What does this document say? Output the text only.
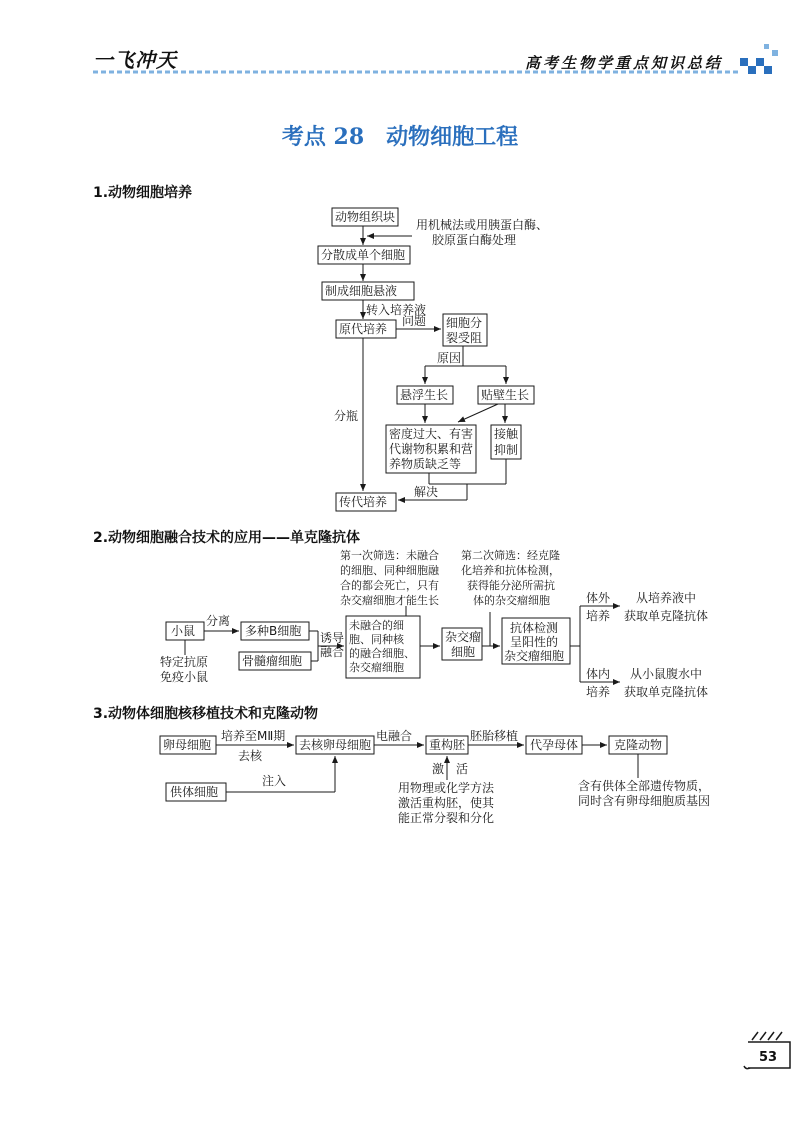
一飞冲天	高考生物学重点知识总结
考点 28　动物细胞工程
1.动物细胞培养
2.动物细胞融合技术的应用——单克隆抗体
3.动物体细胞核移植技术和克隆动物
动物组织块
用机械法或用胰蛋白酶、
胶原蛋白酶处理
分散成单个细胞
制成细胞悬液
转入培养液
原代培养
问题 细胞分
裂受阻
原因
悬浮生长	贴壁生长
密度过大、有害
代谢物积累和营
养物质缺乏等
接触
抑制
分瓶
解决
传代培养
第一次筛选：未融合
的细胞、同种细胞融
合的都会死亡，只有
杂交瘤细胞才能生长
第二次筛选：经克隆
化培养和抗体检测，
获得能分泌所需抗
体的杂交瘤细胞
小鼠
分离
特定抗原
免疫小鼠
多种B细胞
骨髓瘤细胞
诱导
融合
未融合的细
胞、同种核
的融合细胞、
杂交瘤细胞
杂交瘤
细胞
抗体检测
呈阳性的
杂交瘤细胞
体外
培养
从培养液中
获取单克隆抗体
体内
培养
从小鼠腹水中
获取单克隆抗体
卵母细胞
培养至MⅡ期
去核
去核卵母细胞
电融合
重构胚
胚胎移植
代孕母体	克隆动物
供体细胞
注入
激　活
用物理或化学方法
激活重构胚，使其
能正常分裂和分化
含有供体全部遗传物质，
同时含有卵母细胞质基因
53
